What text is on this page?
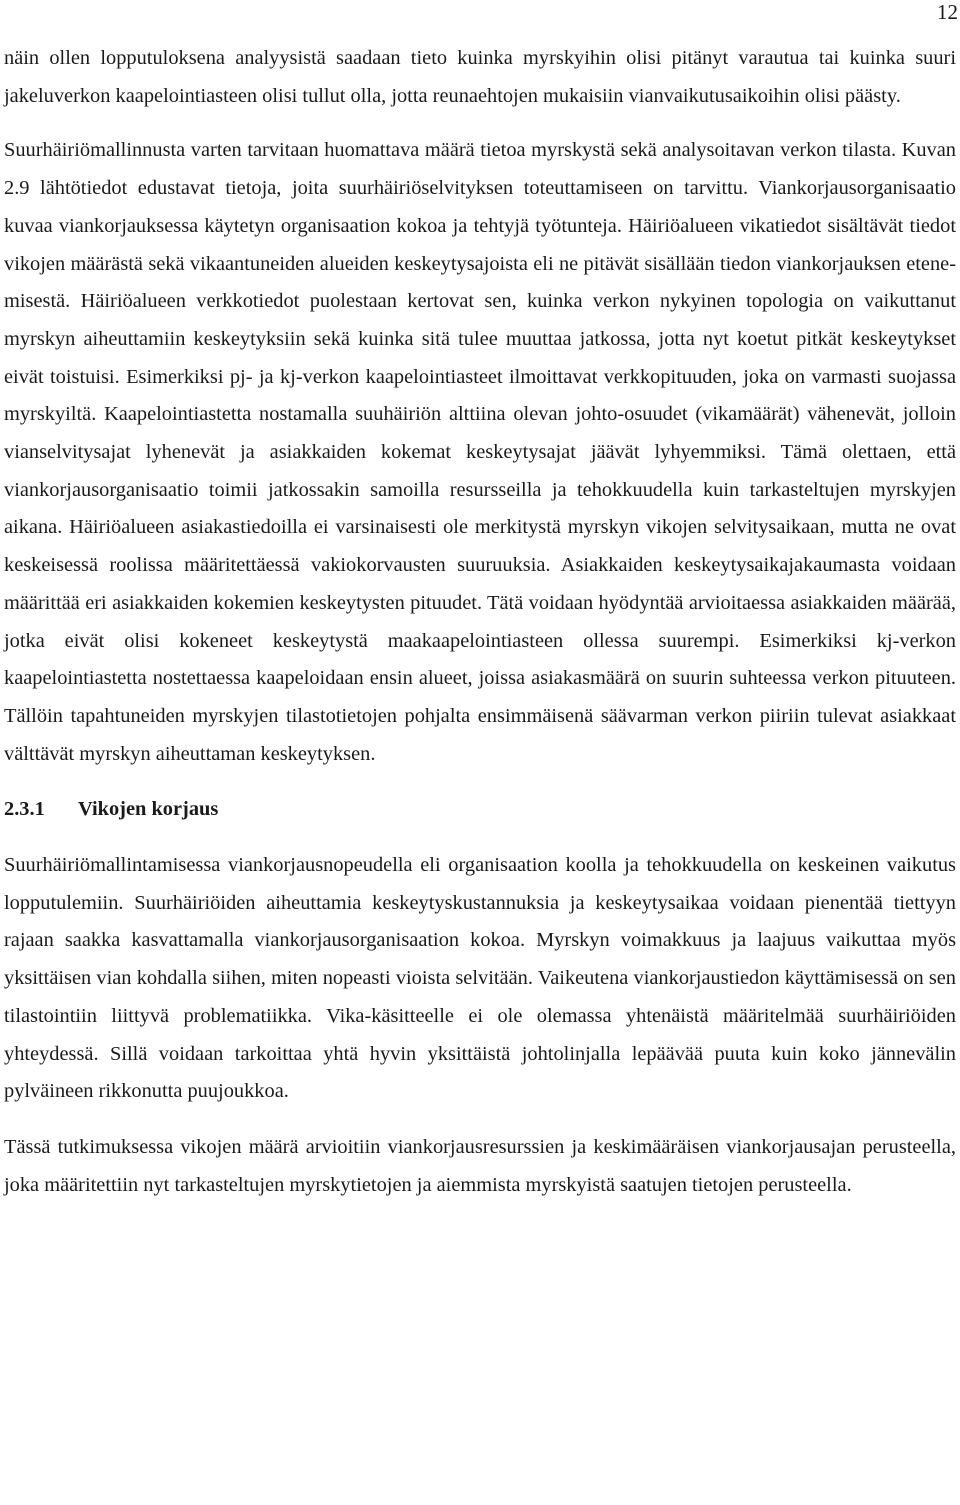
12

näin ollen lopputuloksena analyysistä saadaan tieto kuinka myrskyihin olisi pitänyt varautua tai kuinka suuri jakeluverkon kaapelointiasteen olisi tullut olla, jotta reunaehtojen mukaisiin vianvaikutusaikoihin olisi päästy.

Suurhäiriömallinnusta varten tarvitaan huomattava määrä tietoa myrskystä sekä analysoitavan verkon tilasta. Kuvan 2.9 lähtötiedot edustavat tietoja, joita suurhäiriöselvityksen toteuttamiseen on tarvittu. Viankorjausorganisaatio kuvaa viankorjauksessa käytetyn organisaation kokoa ja tehtyjä työtunteja. Häiriöalueen vikatiedot sisältävät tiedot vikojen määrästä sekä vikaantuneiden alueiden keskeytysajoista eli ne pitävät sisällään tiedon viankorjauksen etenemisestä. Häiriöalueen verkkotiedot puolestaan kertovat sen, kuinka verkon nykyinen topologia on vaikuttanut myrskyn aiheuttamiin keskeytyksiin sekä kuinka sitä tulee muuttaa jatkossa, jotta nyt koetut pitkät keskeytykset eivät toistuisi. Esimerkiksi pj- ja kj-verkon kaapelointiasteet ilmoittavat verkkopituuden, joka on varmasti suojassa myrskyiltä. Kaapelointiastetta nostamalla suuhäiriön alttiina olevan johto-osuudet (vikamäärät) vähenevät, jolloin vianselvitysajat lyhenevät ja asiakkaiden kokemat keskeytysajat jäävät lyhyemmiksi. Tämä olettaen, että viankorjausorganisaatio toimii jatkossakin samoilla resursseilla ja tehokkuudella kuin tarkasteltujen myrskyjen aikana. Häiriöalueen asiakastiedoilla ei varsinaisesti ole merkitystä myrskyn vikojen selvitysaikaan, mutta ne ovat keskeisessä roolissa määritettäessä vakiokorvausten suuruuksia. Asiakkaiden keskeytysaikajakaumasta voidaan määrittää eri asiakkaiden kokemien keskeytysten pituudet. Tätä voidaan hyödyntää arvioitaessa asiakkaiden määrää, jotka eivät olisi kokeneet keskeytystä maakaapelointiasteen ollessa suurempi. Esimerkiksi kj-verkon kaapelointiastetta nostettaessa kaapeloidaan ensin alueet, joissa asiakasmäärä on suurin suhteessa verkon pituuteen. Tällöin tapahtuneiden myrskyjen tilastotietojen pohjalta ensimmäisenä säävarman verkon piiriin tulevat asiakkaat välttävät myrskyn aiheuttaman keskeytyksen.

2.3.1 Vikojen korjaus

Suurhäiriömallintamisessa viankorjausnopeudella eli organisaation koolla ja tehokkuudella on keskeinen vaikutus lopputulemiin. Suurhäiriöiden aiheuttamia keskeytyskustannuksia ja keskeytysaikaa voidaan pienentää tiettyyn rajaan saakka kasvattamalla viankorjausorganisaation kokoa. Myrskyn voimakkuus ja laajuus vaikuttaa myös yksittäisen vian kohdalla siihen, miten nopeasti vioista selvitään. Vaikeutena viankorjaustiedon käyttämisessä on sen tilastointiin liittyvä problematiikka. Vika-käsitteelle ei ole olemassa yhtenäistä määritelmää suurhäiriöiden yhteydessä. Sillä voidaan tarkoittaa yhtä hyvin yksittäistä johtolinjalla lepäävää puuta kuin koko jännevälin pylväineen rikkonutta puujoukkoa.

Tässä tutkimuksessa vikojen määrä arvioitiin viankorjausresurssien ja keskimääräisen viankorjausajan perusteella, joka määritettiin nyt tarkasteltujen myrskytietojen ja aiemmista myrskyistä saatujen tietojen perusteella.
